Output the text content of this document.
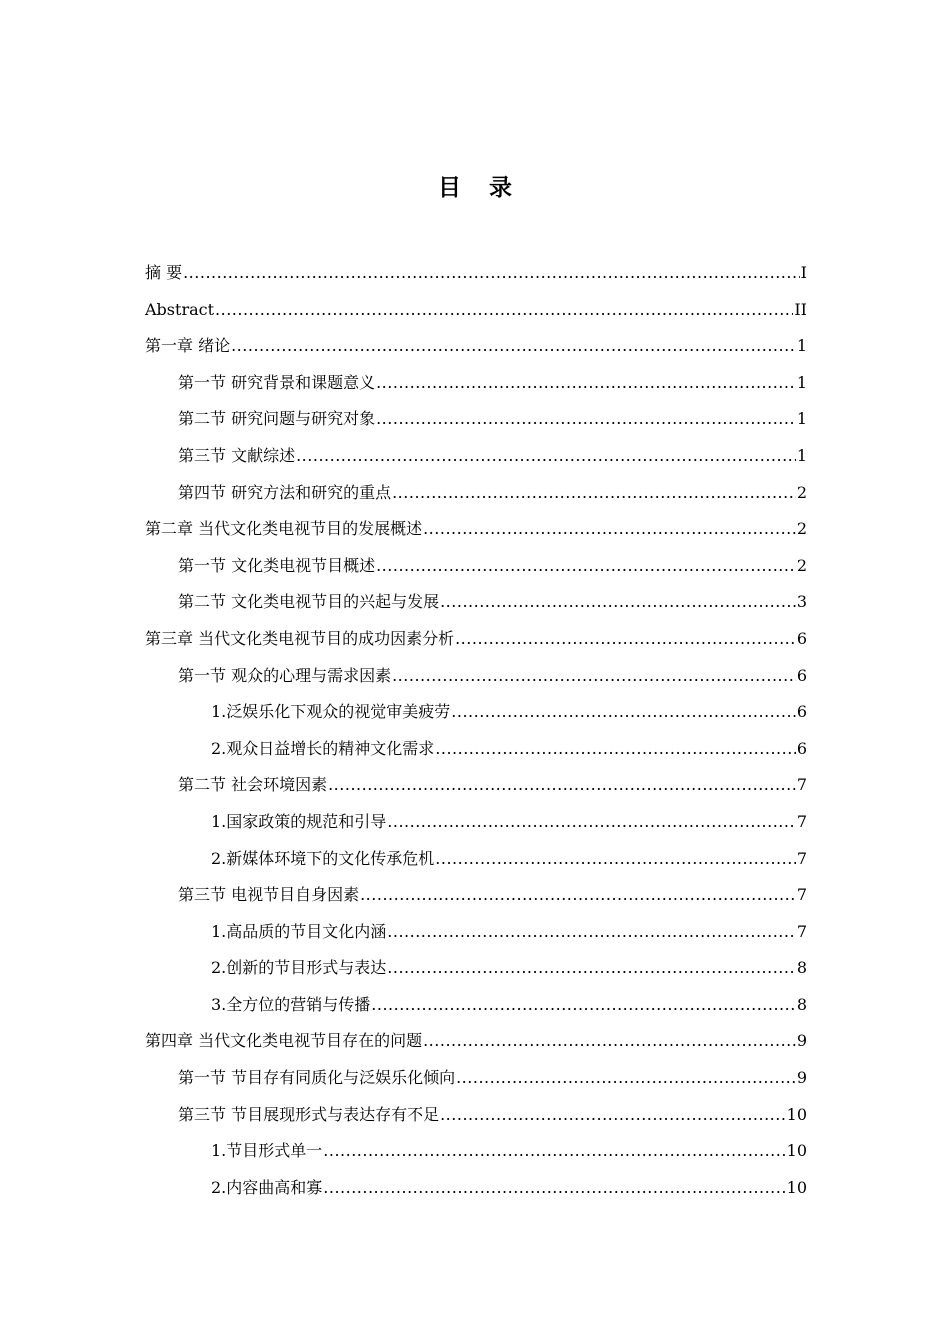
目 录
摘 要 .....	I
Abstract .....	II
第一章 绪论 .....	1
第一节 研究背景和课题意义 .....	1
第二节 研究问题与研究对象 .....	1
第三节 文献综述 .....	1
第四节 研究方法和研究的重点 .....	2
第二章 当代文化类电视节目的发展概述 .....	2
第一节 文化类电视节目概述 .....	2
第二节 文化类电视节目的兴起与发展 .....	3
第三章 当代文化类电视节目的成功因素分析 .....	6
第一节 观众的心理与需求因素 .....	6
1.泛娱乐化下观众的视觉审美疲劳 .....	6
2.观众日益增长的精神文化需求 .....	6
第二节 社会环境因素 .....	7
1.国家政策的规范和引导 .....	7
2.新媒体环境下的文化传承危机 .....	7
第三节 电视节目自身因素 .....	7
1.高品质的节目文化内涵 .....	7
2.创新的节目形式与表达 .....	8
3.全方位的营销与传播 .....	8
第四章 当代文化类电视节目存在的问题 .....	9
第一节 节目存有同质化与泛娱乐化倾向 .....	9
第三节 节目展现形式与表达存有不足 .....	10
1.节目形式单一 .....	10
2.内容曲高和寡 .....	10
